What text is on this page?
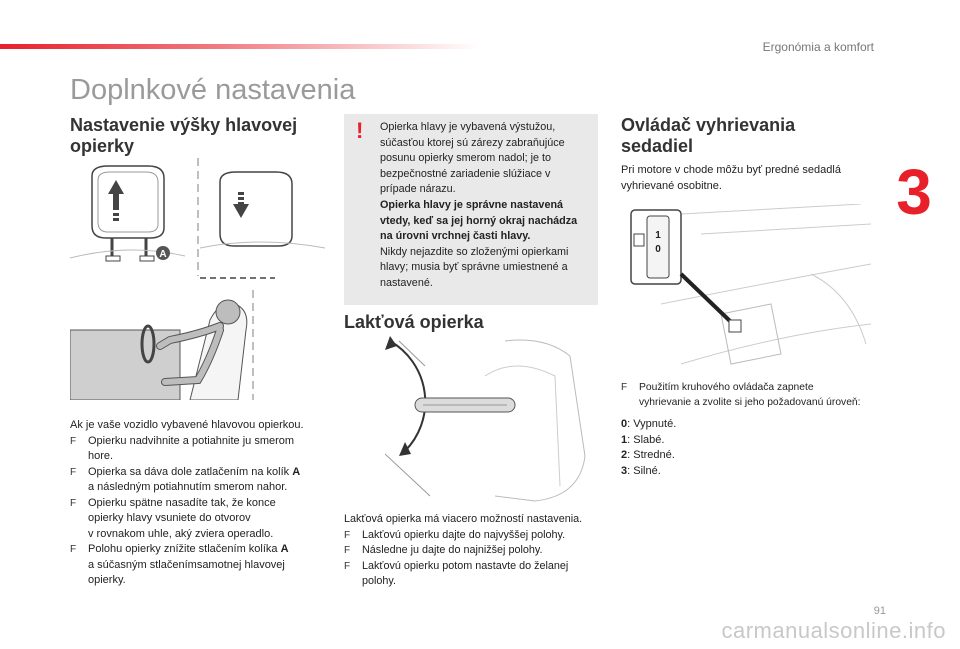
Ergonómia a komfort
3
Doplnkové nastavenia
Nastavenie výšky hlavovej
opierky
A
Ak je vaše vozidlo vybavené hlavovou opierkou.
F Opierku nadvihnite a potiahnite ju smerom
hore.
F Opierka sa dáva dole zatlačením na kolík A
a následným potiahnutím smerom nahor.
F Opierku spätne nasadíte tak, že konce
opierky hlavy vsuniete do otvorov
v rovnakom uhle, aký zviera operadlo.
F Polohu opierky znížite stlačením kolíka A
a súčasným stlačenímsamotnej hlavovej
opierky.
! Opierka hlavy je vybavená výstužou,
súčasťou ktorej sú zárezy zabraňujúce
posunu opierky smerom nadol; je to
bezpečnostné zariadenie slúžiace v
prípade nárazu.
Opierka hlavy je správne nastavená
vtedy, keď sa jej horný okraj nachádza
na úrovni vrchnej časti hlavy.
Nikdy nejazdite so zloženými opierkami
hlavy; musia byť správne umiestnené a
nastavené.
Lakťová opierka
Lakťová opierka má viacero možností nastavenia.
F Lakťovú opierku dajte do najvyššej polohy.
F Následne ju dajte do najnižšej polohy.
F Lakťovú opierku potom nastavte do želanej
polohy.
Ovládač vyhrievania
sedadiel
Pri motore v chode môžu byť predné sedadlá
vyhrievané osobitne.
1
0
F Použitím kruhového ovládača zapnete
vyhrievanie a zvolite si jeho požadovanú úroveň:
0: Vypnuté.
1: Slabé.
2: Stredné.
3: Silné.
91
carmanualsonline.info
